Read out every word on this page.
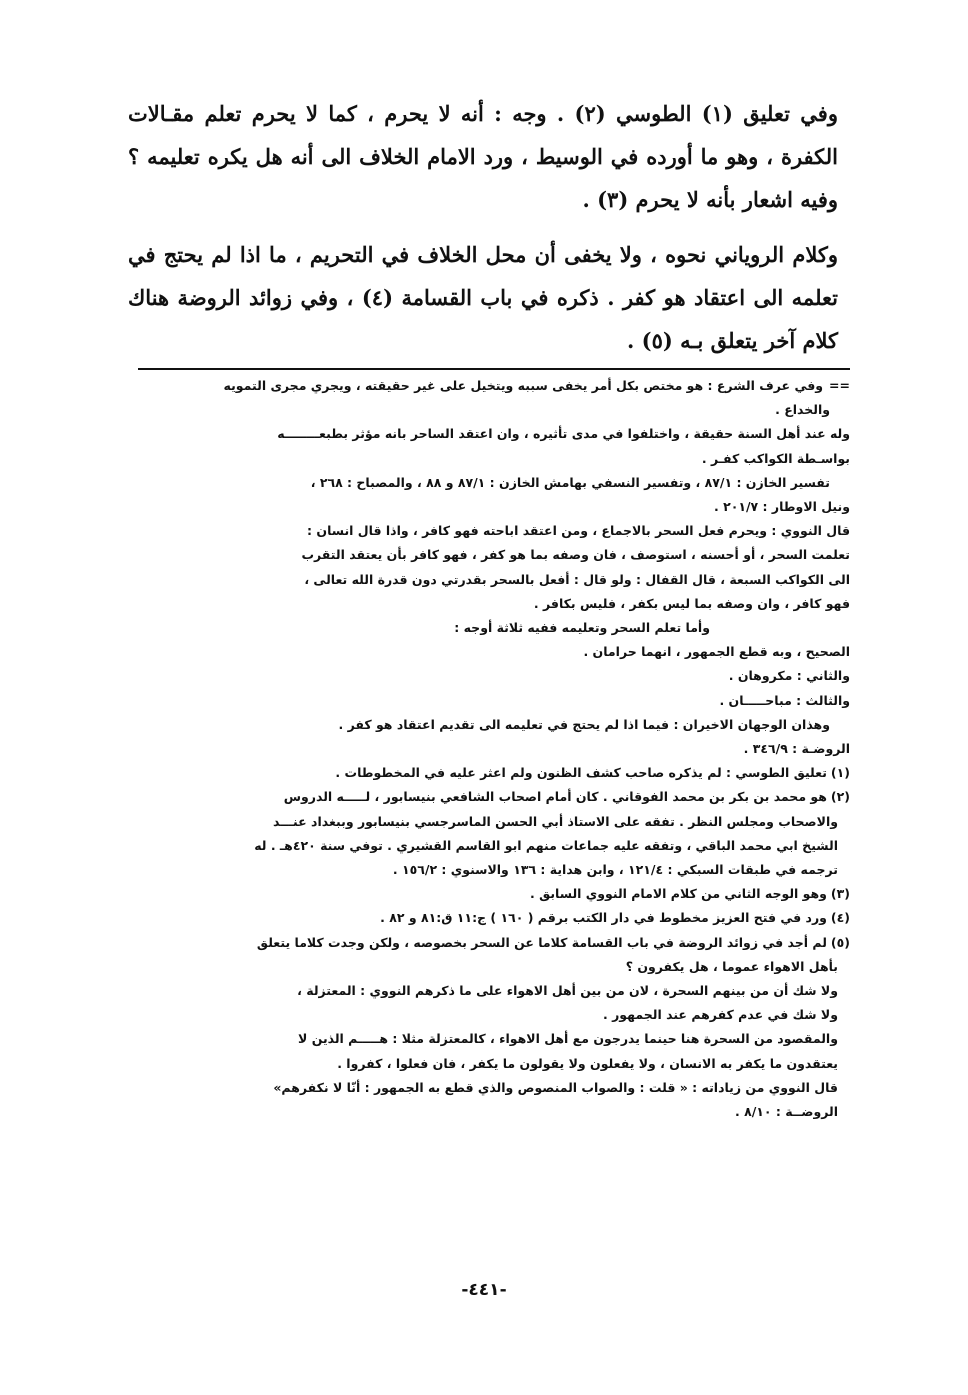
وفي تعليق (١) الطوسي (٢) . وجه : أنه لا يحرم ، كما لا يحرم تعلم مقـالات الكفرة ، وهو ما أورده في الوسيط ، ورد الامام الخلاف الى أنه هل يكره تعليمه ؟ وفيه اشعار بأنه لا يحرم (٣) .

وكلام الروياني نحوه ، ولا يخفى أن محل الخلاف في التحريم ، ما اذا لم يحتج في تعلمه الى اعتقاد هو كفر . ذكره في باب القسامة (٤) ، وفي زوائد الروضة هناك كلام آخر يتعلق بـه (٥) .

==وفي عرف الشرع : هو مختص بكل أمر يخفى سببه ويتخيل على غير حقيقته ، ويجري مجرى التمويه
والخداع .
وله عند أهل السنة حقيقة ، واختلفوا في مدى تأثيره ، وان اعتقد الساحر بانه مؤثر بطبعــــــــه
بواسـطة الكواكب كفـر .
تفسير الخازن : ٨٧/١ ، وتفسير النسفي بهامش الخازن : ٨٧/١ و ٨٨ ، والمصباح : ٢٦٨ ،
ونيل الاوطار : ٢٠١/٧ .
قال النووي : ويحرم فعل السحر بالاجماع ، ومن اعتقد اباحته فهو كافر ، واذا قال انسان :
تعلمت السحر ، أو أحسنه ، استوصف ، فان وصفه بما هو كفر ، فهو كافر بأن يعتقد التقرب
الى الكواكب السبعة ، قال القفال : ولو قال : أفعل بالسحر بقدرتي دون قدرة الله تعالى ،
فهو كافر ، وان وصفه بما ليس بكفر ، فليس بكافر .
وأما تعلم السحر وتعليمه ففيه ثلاثة أوجه :
الصحيح ، وبه قطع الجمهور ، انهما حرامان .
والثاني : مكروهان .
والثالث : مباحـــــان .
وهذان الوجهان الاخيران : فيما اذا لم يحتج في تعليمه الى تقديم اعتقاد هو كفر .
الروضـة : ٣٤٦/٩ .
(١)تعليق الطوسي : لم يذكره صاحب كشف الظنون ولم اعثر عليه في المخطوطات .
(٢)هو محمد بن بكر بن محمد الفوقاني . كان أمام اصحاب الشافعي بنيسابور ، لـــــه الدروس
والاصحاب ومجلس النظر . تفقه على الاستاذ أبي الحسن الماسرجسي بنيسابور وببغداد عنـــد
الشيخ ابي محمد الباقي ، وتفقه عليه جماعات منهم ابو القاسم القشيري . توفي سنة ٤٢٠هـ . له
ترجمه في طبقات السبكي : ١٢١/٤ ، وابن هداية : ١٣٦ والاسنوي : ١٥٦/٢ .
(٣)وهو الوجه الثاني من كلام الامام النووي السابق .
(٤)ورد في فتح العزيز مخطوط في دار الكتب برقم ( ١٦٠ ) ج:١١ ق:٨١ و ٨٢ .
(٥)لم أجد في زوائد الروضة في باب القسامة كلاما عن السحر بخصوصه ، ولكن وجدت كلاما يتعلق
بأهل الاهواء عموما ، هل يكفرون ؟
ولا شك أن من بينهم السحرة ، لان من بين أهل الاهواء على ما ذكرهم النووي : المعتزلة ،
ولا شك في عدم كفرهم عند الجمهور .
والمقصود من السحرة هنا حينما يدرجون مع أهل الاهواء ، كالمعتزلة مثلا : هـــــم الذين لا
يعتقدون ما يكفر به الانسان ، ولا يفعلون ولا يقولون ما يكفر ، فان فعلوا ، كفروا .
قال النووي من زياداته : « قلت : والصواب المنصوص والذي قطع به الجمهور : أنّا لا نكفرهم»
الروضــة : ٨/١٠ .
-٤٤١-
